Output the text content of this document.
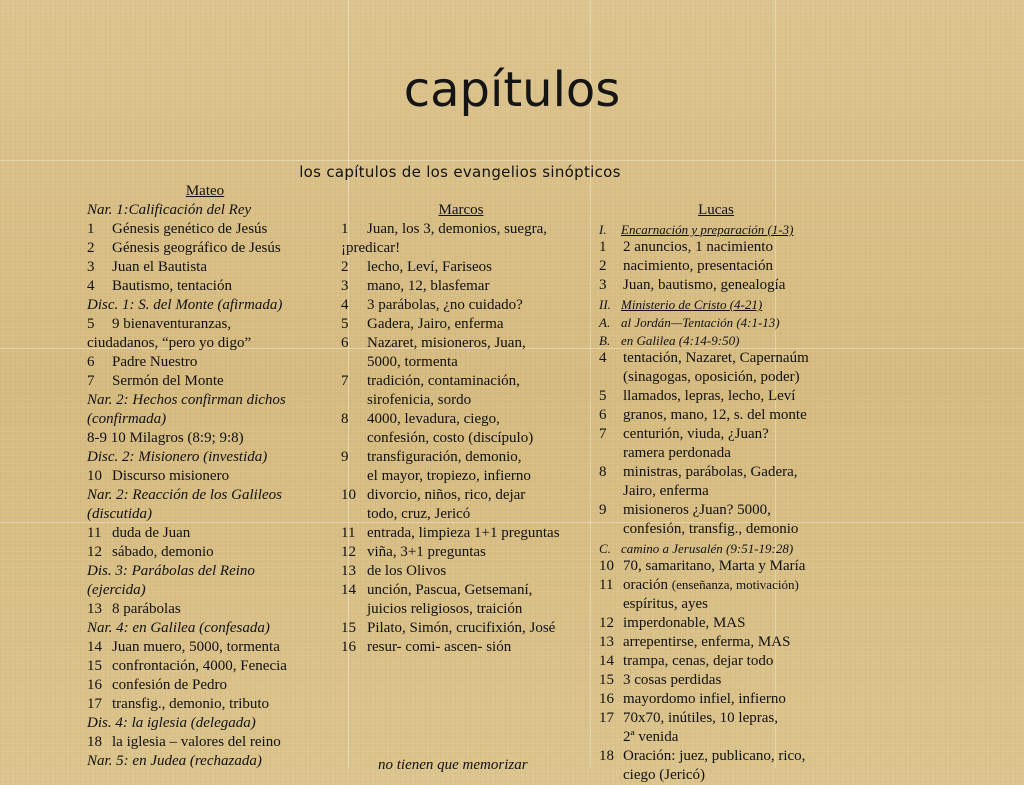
capítulos
los capítulos de los evangelios sinópticos
Mateo
Nar. 1:Calificación del Rey
1 Génesis genético de Jesús
2 Génesis geográfico de Jesús
3 Juan el Bautista
4 Bautismo, tentación
Disc. 1: S. del Monte (afirmada)
5 9 bienaventuranzas,
ciudadanos, “pero yo digo”
6 Padre Nuestro
7 Sermón del Monte
Nar. 2: Hechos confirman dichos
(confirmada)
8-9 10 Milagros (8:9; 9:8)
Disc. 2: Misionero (investida)
10 Discurso misionero
Nar. 2: Reacción de los Galileos
(discutida)
11 duda de Juan
12 sábado, demonio
Dis. 3: Parábolas del Reino
(ejercida)
13 8 parábolas
Nar. 4: en Galilea (confesada)
14 Juan muero, 5000, tormenta
15 confrontación, 4000, Fenecia
16 confesión de Pedro
17 transfig., demonio, tributo
Dis. 4: la iglesia (delegada)
18 la iglesia – valores del reino
Nar. 5: en Judea (rechazada)
Marcos
1 Juan, los 3, demonios, suegra,
¡predicar!
2 lecho, Leví, Fariseos
3 mano, 12, blasfemar
4 3 parábolas, ¿no cuidado?
5 Gadera, Jairo, enferma
6 Nazaret, misioneros, Juan,
5000, tormenta
7 tradición, contaminación,
sirofenicia, sordo
8 4000, levadura, ciego,
confesión, costo (discípulo)
9 transfiguración, demonio,
el mayor, tropiezo, infierno
10 divorcio, niños, rico, dejar
todo, cruz, Jericó
11 entrada, limpieza 1+1 preguntas
12 viña, 3+1 preguntas
13 de los Olivos
14 unción, Pascua, Getsemaní,
juicios religiosos, traición
15 Pilato, Simón, crucifixión, José
16 resur- comi- ascen- sión
Lucas
I. Encarnación y preparación (1-3)
1 2 anuncios, 1 nacimiento
2 nacimiento, presentación
3 Juan, bautismo, genealogía
II. Ministerio de Cristo (4-21)
A. al Jordán—Tentación (4:1-13)
B. en Galilea (4:14-9:50)
4 tentación, Nazaret, Capernaúm
(sinagogas, oposición, poder)
5 llamados, lepras, lecho, Leví
6 granos, mano, 12, s. del monte
7 centurión, viuda, ¿Juan?
ramera perdonada
8 ministras, parábolas, Gadera,
Jairo, enferma
9 misioneros ¿Juan? 5000,
confesión, transfig., demonio
C. camino a Jerusalén (9:51-19:28)
10 70, samaritano, Marta y María
11 oración (enseñanza, motivación)
espíritus, ayes
12 imperdonable, MAS
13 arrepentirse, enferma, MAS
14 trampa, cenas, dejar todo
15 3 cosas perdidas
16 mayordomo infiel, infierno
17 70x70, inútiles, 10 lepras,
2ª venida
18 Oración: juez, publicano, rico,
ciego (Jericó)
no tienen que memorizar
